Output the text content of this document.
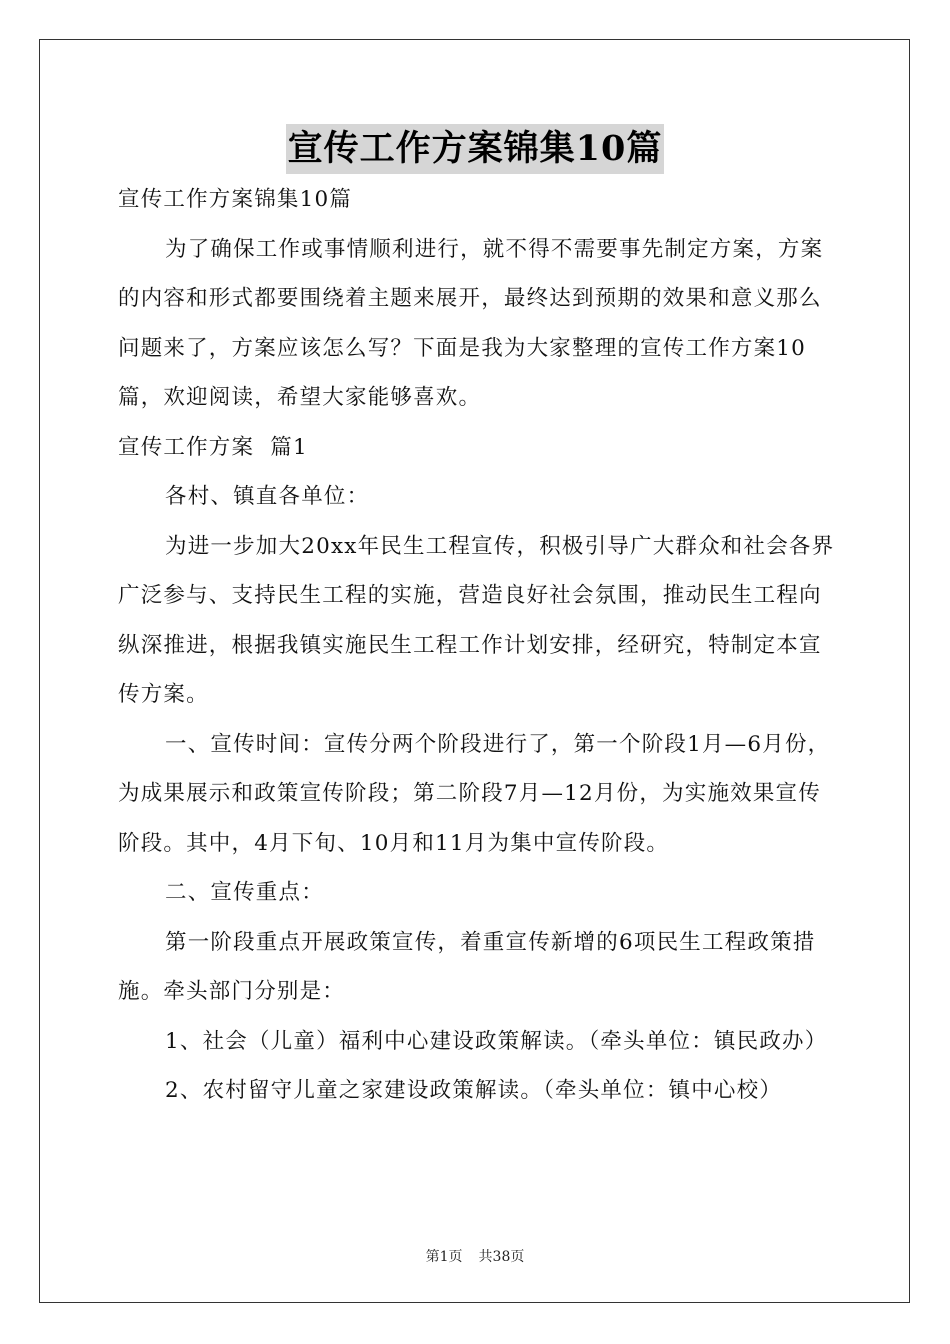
宣传工作方案锦集10篇
宣传工作方案锦集10篇

为了确保工作或事情顺利进行，就不得不需要事先制定方案，方案的内容和形式都要围绕着主题来展开，最终达到预期的效果和意义那么问题来了，方案应该怎么写？下面是我为大家整理的宣传工作方案10篇，欢迎阅读，希望大家能够喜欢。

宣传工作方案  篇1

各村、镇直各单位：

为进一步加大20xx年民生工程宣传，积极引导广大群众和社会各界广泛参与、支持民生工程的实施，营造良好社会氛围，推动民生工程向纵深推进，根据我镇实施民生工程工作计划安排，经研究，特制定本宣传方案。

一、宣传时间：宣传分两个阶段进行了，第一个阶段1月—6月份，为成果展示和政策宣传阶段；第二阶段7月—12月份，为实施效果宣传阶段。其中，4月下旬、10月和11月为集中宣传阶段。

二、宣传重点：

第一阶段重点开展政策宣传，着重宣传新增的6项民生工程政策措施。牵头部门分别是：

1、社会（儿童）福利中心建设政策解读。（牵头单位：镇民政办）

2、农村留守儿童之家建设政策解读。（牵头单位：镇中心校）

第1页 共38页
